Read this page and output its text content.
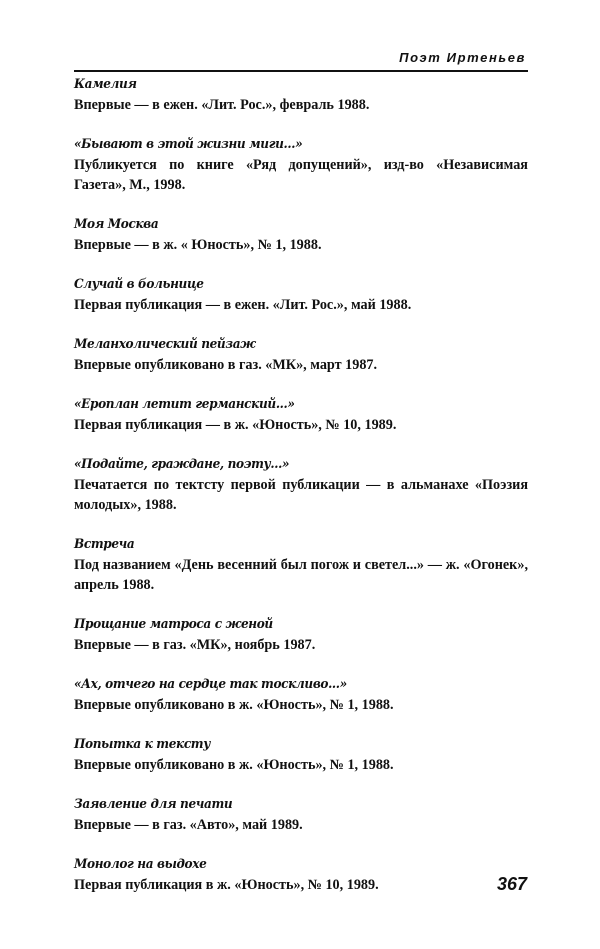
Поэт Иртеньев
Камелия
Впервые — в ежен. «Лит. Рос.», февраль 1988.
«Бывают в этой жизни миги...»
Публикуется по книге «Ряд допущений», изд-во «Независимая Газета», М., 1998.
Моя Москва
Впервые — в ж. « Юность», № 1, 1988.
Случай в больнице
Первая публикация — в ежен. «Лит. Рос.», май 1988.
Меланхолический пейзаж
Впервые опубликовано в газ. «МК», март 1987.
«Ероплан летит германский...»
Первая публикация — в ж. «Юность», № 10, 1989.
«Подайте, граждане, поэту...»
Печатается по тектсту первой публикации — в альманахе «Поэзия молодых», 1988.
Встреча
Под названием «День весенний был погож и светел...» — ж. «Огонек», апрель 1988.
Прощание матроса с женой
Впервые — в газ. «МК», ноябрь 1987.
«Ах, отчего на сердце так тоскливо...»
Впервые опубликовано в ж. «Юность», № 1, 1988.
Попытка к тексту
Впервые опубликовано в ж. «Юность», № 1, 1988.
Заявление для печати
Впервые — в газ. «Авто», май 1989.
Монолог на выдохе
Первая публикация в ж. «Юность», № 10, 1989.	367
